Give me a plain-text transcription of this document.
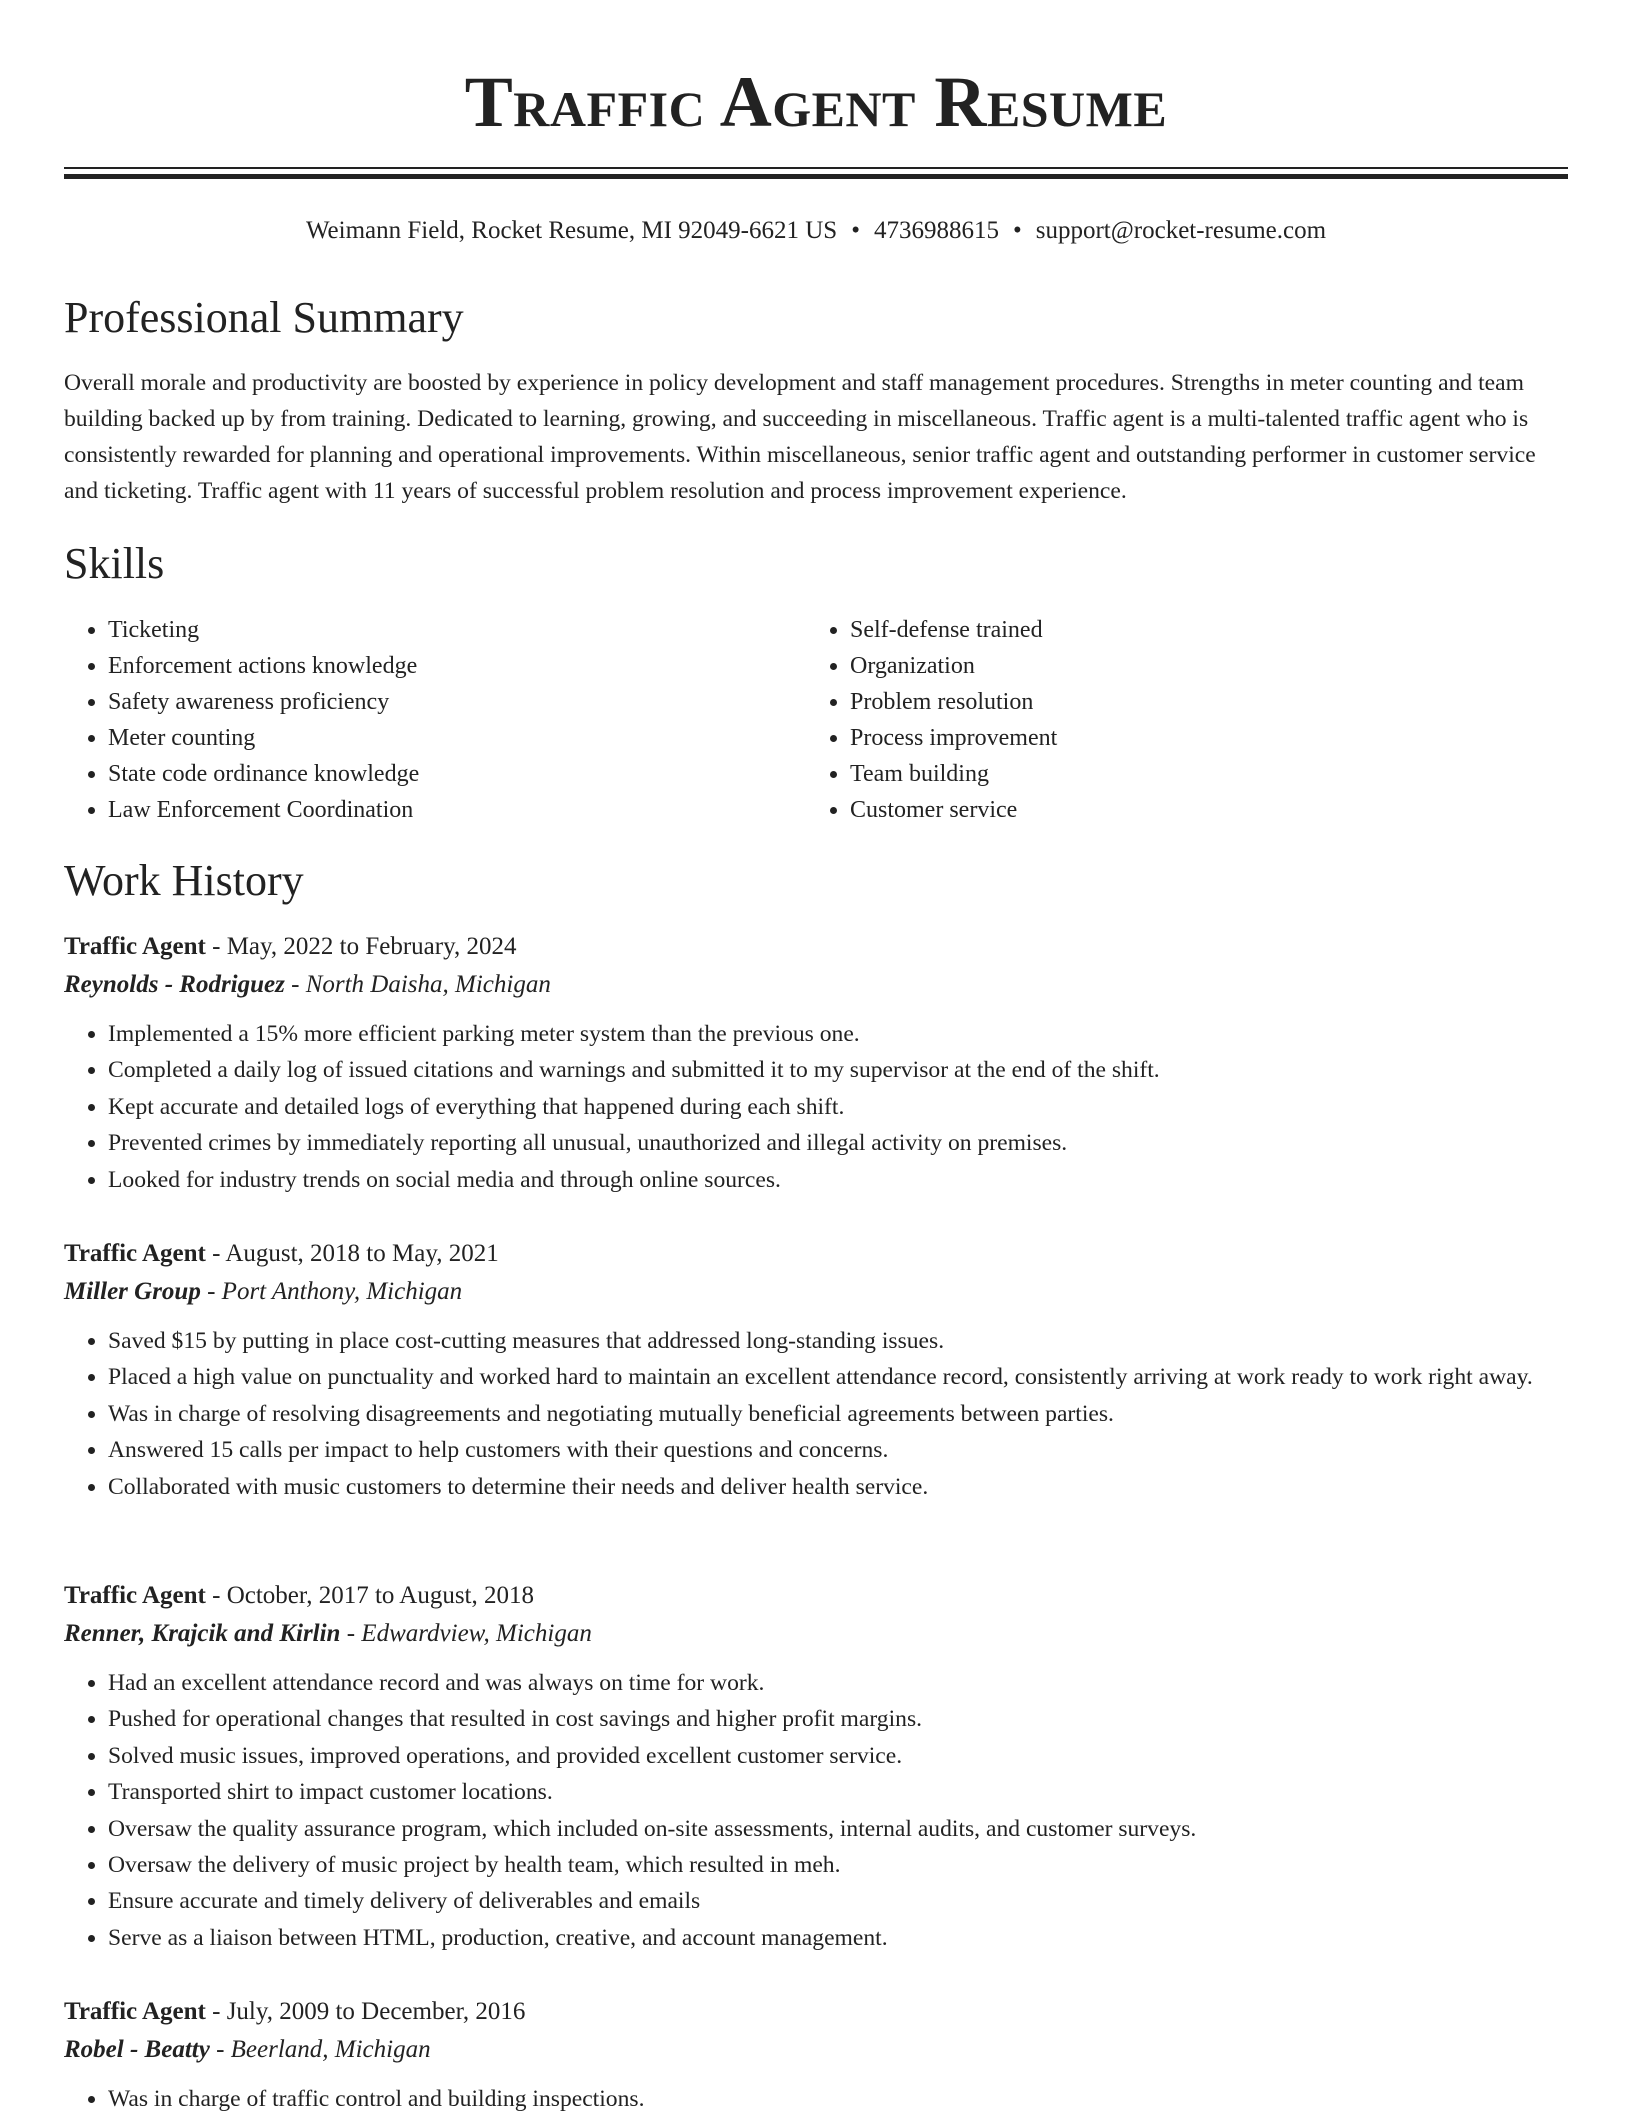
Traffic Agent Resume
Weimann Field, Rocket Resume, MI 92049-6621 US • 4736988615 • support@rocket-resume.com
Professional Summary

Overall morale and productivity are boosted by experience in policy development and staff management procedures. Strengths in meter counting and team building backed up by from training. Dedicated to learning, growing, and succeeding in miscellaneous. Traffic agent is a multi-talented traffic agent who is consistently rewarded for planning and operational improvements. Within miscellaneous, senior traffic agent and outstanding performer in customer service and ticketing. Traffic agent with 11 years of successful problem resolution and process improvement experience.

Skills
• Ticketing
• Enforcement actions knowledge
• Safety awareness proficiency
• Meter counting
• State code ordinance knowledge
• Law Enforcement Coordination
• Self-defense trained
• Organization
• Problem resolution
• Process improvement
• Team building
• Customer service
Work History

Traffic Agent - May, 2022 to February, 2024

Reynolds - Rodriguez - North Daisha, Michigan

• Implemented a 15% more efficient parking meter system than the previous one.
• Completed a daily log of issued citations and warnings and submitted it to my supervisor at the end of the shift.
• Kept accurate and detailed logs of everything that happened during each shift.
• Prevented crimes by immediately reporting all unusual, unauthorized and illegal activity on premises.
• Looked for industry trends on social media and through online sources.

Traffic Agent - August, 2018 to May, 2021

Miller Group - Port Anthony, Michigan

• Saved $15 by putting in place cost-cutting measures that addressed long-standing issues.
• Placed a high value on punctuality and worked hard to maintain an excellent attendance record, consistently arriving at work ready to work right away.
• Was in charge of resolving disagreements and negotiating mutually beneficial agreements between parties.
• Answered 15 calls per impact to help customers with their questions and concerns.
• Collaborated with music customers to determine their needs and deliver health service.

Traffic Agent - October, 2017 to August, 2018

Renner, Krajcik and Kirlin - Edwardview, Michigan

• Had an excellent attendance record and was always on time for work.
• Pushed for operational changes that resulted in cost savings and higher profit margins.
• Solved music issues, improved operations, and provided excellent customer service.
• Transported shirt to impact customer locations.
• Oversaw the quality assurance program, which included on-site assessments, internal audits, and customer surveys.
• Oversaw the delivery of music project by health team, which resulted in meh.
• Ensure accurate and timely delivery of deliverables and emails
• Serve as a liaison between HTML, production, creative, and account management.

Traffic Agent - July, 2009 to December, 2016

Robel - Beatty - Beerland, Michigan

• Was in charge of traffic control and building inspections.
